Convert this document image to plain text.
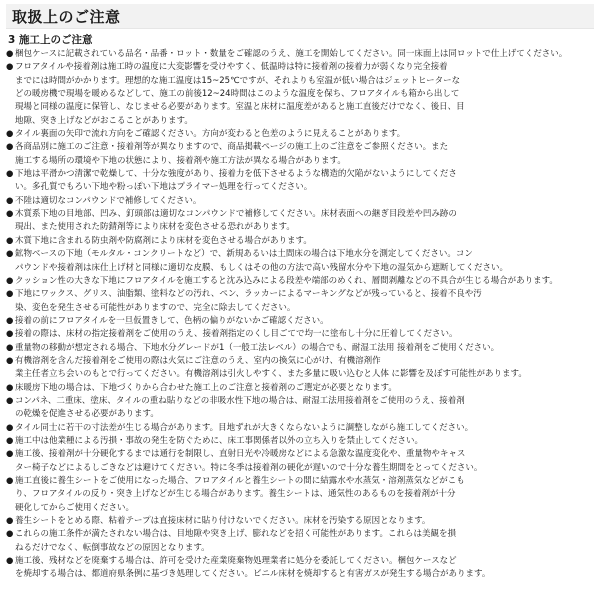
取扱上のご注意
3 施工上のご注意
● 梱包ケースに記載されている品名・品番・ロット・数量をご確認のうえ、施工を開始してください。同一床面上は同ロットで仕上げてください。
● フロアタイルや接着剤は施工時の温度に大変影響を受けやすく、低温時は特に接着剤の接着力が弱くなり完全接着
までには時間がかかります。理想的な施工温度は15~25℃ですが、それよりも室温が低い場合はジェットヒーターな
どの暖房機で現場を暖めるなどして、施工の前後12~24時間はこのような温度を保ち、フロアタイルも箱から出して
現場と同様の温度に保管し、なじませる必要があります。室温と床材に温度差があると施工直後だけでなく、後日、目
地隙、突き上げなどがおこることがあります。
● タイル裏面の矢印で流れ方向をご確認ください。方向が変わると色差のように見えることがあります。
● 各商品別に施工のご注意・接着剤等が異なりますので、商品掲載ページの施工上のご注意をご参照ください。また
施工する場所の環境や下地の状態により、接着剤や施工方法が異なる場合があります。
● 下地は平滑かつ清潔で乾燥して、十分な強度があり、接着力を低下させるような構造的欠陥がないようにしてくださ
い。多孔質でもろい下地や粉っぽい下地はプライマー処理を行ってください。
● 不陸は適切なコンパウンドで補修してください。
● 木質系下地の目地部、凹み、釘頭部は適切なコンパウンドで補修してください。床材表面への継ぎ目段差や凹み跡の
現出、また使用された防錆剤等により床材を変色させる恐れがあります。
● 木質下地に含まれる防虫剤や防腐剤により床材を変色させる場合があります。
● 鉱物ベースの下地（モルタル・コンクリートなど）で、新規あるいは土間床の場合は下地水分を測定してください。コン
パウンドや接着剤は床仕上げ材と同様に適切な皮膜、もしくはその他の方法で高い残留水分や下地の湿気から遮断してください。
● クッション性の大きな下地にフロアタイルを施工すると沈み込みによる段差や端部のめくれ、層間剥離などの不具合が生じる場合があります。
● 下地にワックス、グリス、油脂類、塗料などの汚れ、ペン、ラッカーによるマーキングなどが残っていると、接着不良や汚
染、変色を発生させる可能性がありますので、完全に除去してください。
● 接着の前にフロアタイルを一旦仮置きして、色柄の偏りがないかご確認ください。
● 接着の際は、床材の指定接着剤をご使用のうえ、接着剤指定のくし目ごてで均一に塗布し十分に圧着してください。
● 重量物の移動が想定される場合、下地水分グレードが1（一般工法レベル）の場合でも、耐湿工法用 接着剤をご使用ください。
● 有機溶剤を含んだ接着剤をご使用の際は火気にご注意のうえ、室内の換気に心がけ、有機溶剤作
業主任者立ち会いのもとで行ってください。有機溶剤は引火しやすく、また多量に吸い込むと人体 に影響を及ぼす可能性があります。
● 床暖房下地の場合は、下地づくりから合わせた施工上のご注意と接着剤のご選定が必要となります。
● コンパネ、二重床、塗床、タイルの重ね貼りなどの非吸水性下地の場合は、耐湿工法用接着剤をご使用のうえ、接着剤
の乾燥を促進させる必要があります。
● タイル同士に若干の寸法差が生じる場合があります。目地ずれが大きくならないように調整しながら施工してください。
● 施工中は他業種による汚損・事故の発生を防ぐために、床工事関係者以外の立ち入りを禁止してください。
● 施工後、接着剤が十分硬化するまでは通行を制限し、直射日光や冷暖房などによる急激な温度変化や、重量物やキャス
ター椅子などによるしごきなどは避けてください。特に冬季は接着剤の硬化が遅いので十分な養生期間をとってください。
● 施工直後に養生シートをご使用になった場合、フロアタイルと養生シートの間に結露水や水蒸気・溶剤蒸気などがこも
り、フロアタイルの反り・突き上げなどが生じる場合があります。養生シートは、通気性のあるものを接着剤が十分
硬化してからご使用ください。
● 養生シートをとめる際、粘着テープは直接床材に貼り付けないでください。床材を汚染する原因となります。
● これらの施工条件が満たされない場合は、目地隙や突き上げ、膨れなどを招く可能性があります。これらは美観を損
ねるだけでなく、転倒事故などの原因となります。
● 施工後、残材などを廃棄する場合は、許可を受けた産業廃棄物処理業者に処分を委託してください。梱包ケースなど
を焼却する場合は、都道府県条例に基づき処理してください。ビニル床材を焼却すると有害ガスが発生する場合があります。
